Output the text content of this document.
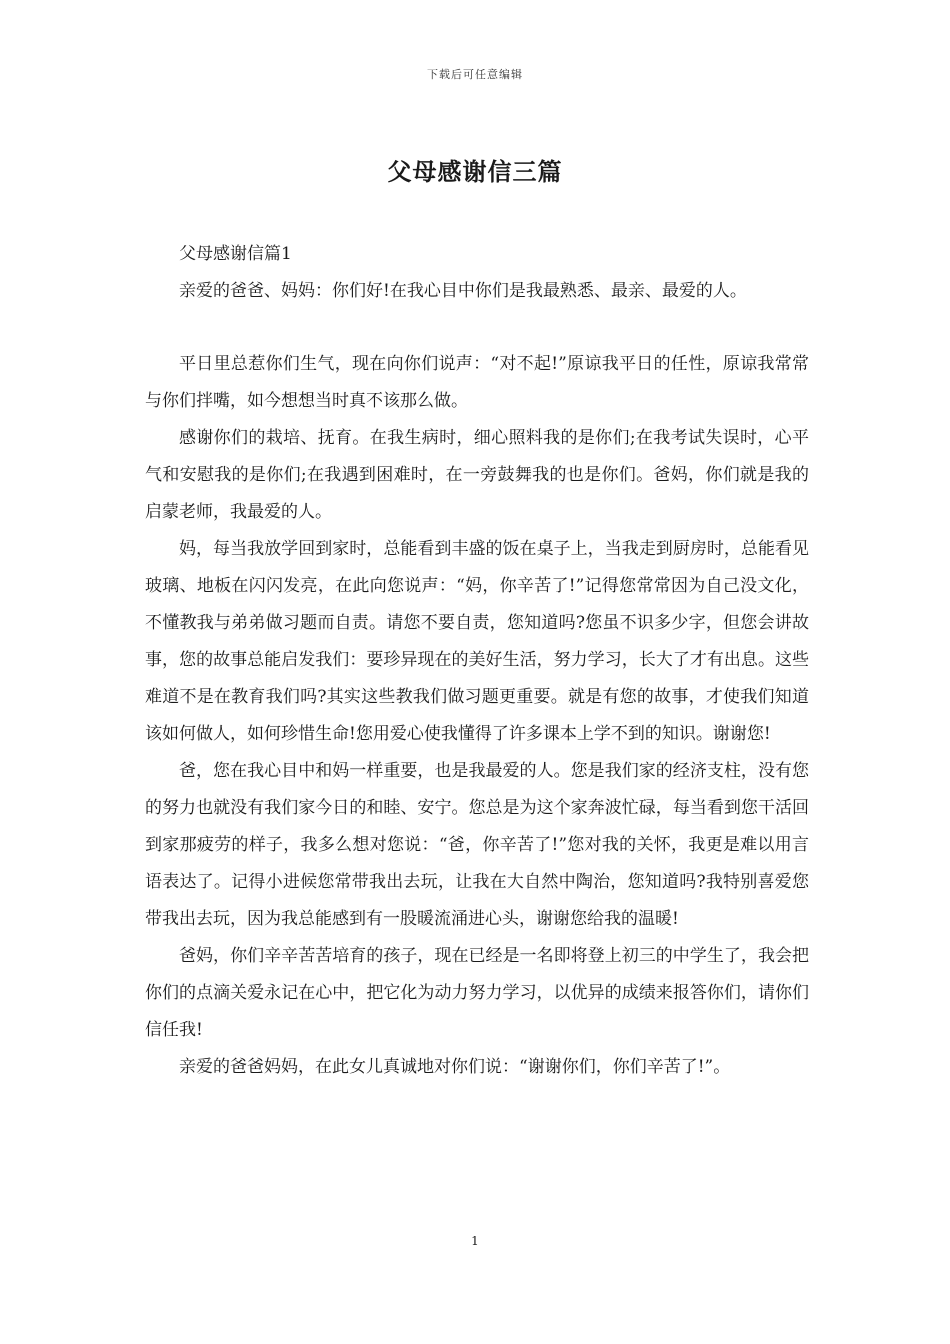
下载后可任意编辑
父母感谢信三篇

父母感谢信篇1

亲爱的爸爸、妈妈：你们好!在我心目中你们是我最熟悉、最亲、最爱的人。

平日里总惹你们生气，现在向你们说声：“对不起!”原谅我平日的任性，原谅我常常与你们拌嘴，如今想想当时真不该那么做。

感谢你们的栽培、抚育。在我生病时，细心照料我的是你们;在我考试失误时，心平气和安慰我的是你们;在我遇到困难时，在一旁鼓舞我的也是你们。爸妈，你们就是我的启蒙老师，我最爱的人。

妈，每当我放学回到家时，总能看到丰盛的饭在桌子上，当我走到厨房时，总能看见玻璃、地板在闪闪发亮，在此向您说声：“妈，你辛苦了!”记得您常常因为自己没文化，不懂教我与弟弟做习题而自责。请您不要自责，您知道吗?您虽不识多少字，但您会讲故事，您的故事总能启发我们：要珍异现在的美好生活，努力学习，长大了才有出息。这些难道不是在教育我们吗?其实这些教我们做习题更重要。就是有您的故事，才使我们知道该如何做人，如何珍惜生命!您用爱心使我懂得了许多课本上学不到的知识。谢谢您!

爸，您在我心目中和妈一样重要，也是我最爱的人。您是我们家的经济支柱，没有您的努力也就没有我们家今日的和睦、安宁。您总是为这个家奔波忙碌，每当看到您干活回到家那疲劳的样子，我多么想对您说：“爸，你辛苦了!”您对我的关怀，我更是难以用言语表达了。记得小进候您常带我出去玩，让我在大自然中陶治，您知道吗?我特别喜爱您带我出去玩，因为我总能感到有一股暖流涌进心头，谢谢您给我的温暖!

爸妈，你们辛辛苦苦培育的孩子，现在已经是一名即将登上初三的中学生了，我会把你们的点滴关爱永记在心中，把它化为动力努力学习，以优异的成绩来报答你们，请你们信任我!

亲爱的爸爸妈妈，在此女儿真诚地对你们说：“谢谢你们，你们辛苦了!”。

1
